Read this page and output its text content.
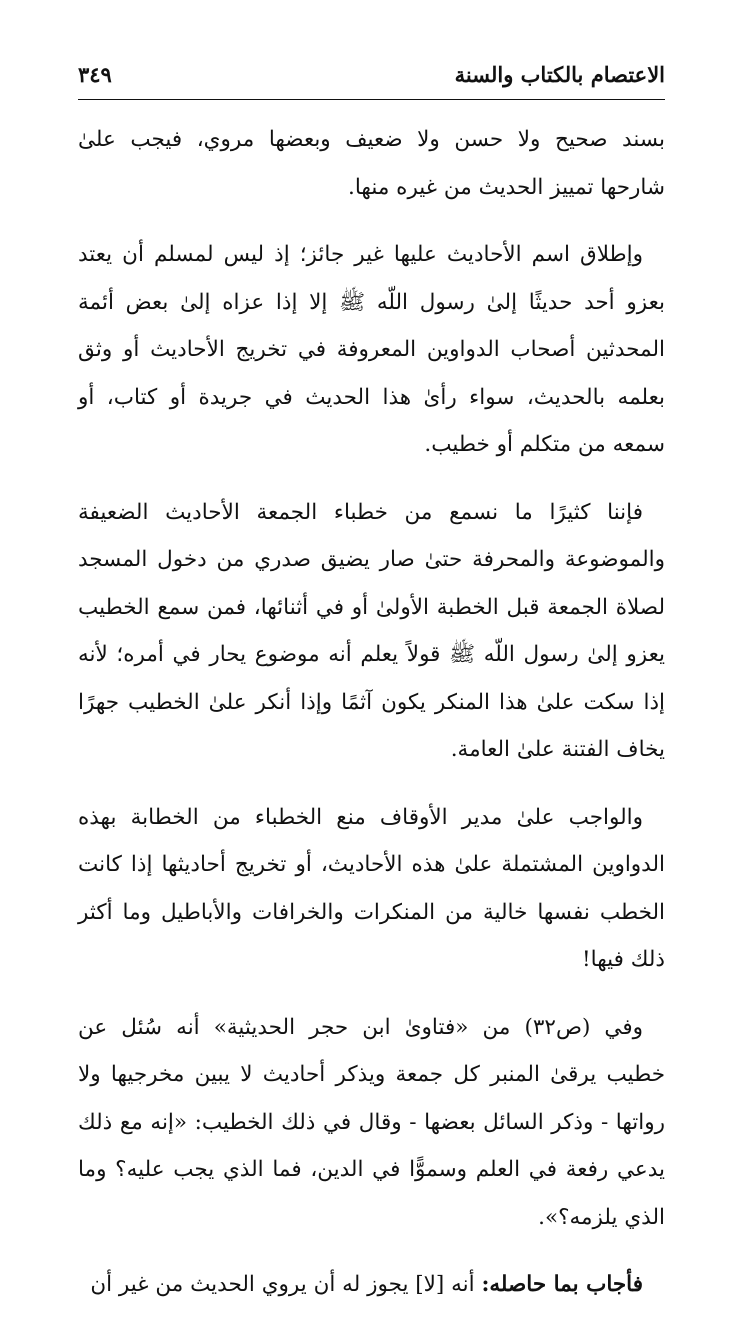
الاعتصام بالكتاب والسنة
٣٤٩

بسند صحيح ولا حسن ولا ضعيف وبعضها مروي، فيجب علىٰ شارحها تمييز الحديث من غيره منها.

وإطلاق اسم الأحاديث عليها غير جائز؛ إذ ليس لمسلم أن يعتد بعزو أحد حديثًا إلىٰ رسول اللّه ﷺ إلا إذا عزاه إلىٰ بعض أئمة المحدثين أصحاب الدواوين المعروفة في تخريج الأحاديث أو وثق بعلمه بالحديث، سواء رأىٰ هذا الحديث في جريدة أو كتاب، أو سمعه من متكلم أو خطيب.

فإننا كثيرًا ما نسمع من خطباء الجمعة الأحاديث الضعيفة والموضوعة والمحرفة حتىٰ صار يضيق صدري من دخول المسجد لصلاة الجمعة قبل الخطبة الأولىٰ أو في أثنائها، فمن سمع الخطيب يعزو إلىٰ رسول اللّه ﷺ قولاً يعلم أنه موضوع يحار في أمره؛ لأنه إذا سكت علىٰ هذا المنكر يكون آثمًا وإذا أنكر علىٰ الخطيب جهرًا يخاف الفتنة علىٰ العامة.

والواجب علىٰ مدير الأوقاف منع الخطباء من الخطابة بهذه الدواوين المشتملة علىٰ هذه الأحاديث، أو تخريج أحاديثها إذا كانت الخطب نفسها خالية من المنكرات والخرافات والأباطيل وما أكثر ذلك فيها!

وفي (ص٣٢) من «فتاوىٰ ابن حجر الحديثية» أنه سُئل عن خطيب يرقىٰ المنبر كل جمعة ويذكر أحاديث لا يبين مخرجيها ولا رواتها - وذكر السائل بعضها - وقال في ذلك الخطيب: «إنه مع ذلك يدعي رفعة في العلم وسموًّا في الدين، فما الذي يجب عليه؟ وما الذي يلزمه؟».

فأجاب بما حاصله: أنه [لا] يجوز له أن يروي الحديث من غير أن
